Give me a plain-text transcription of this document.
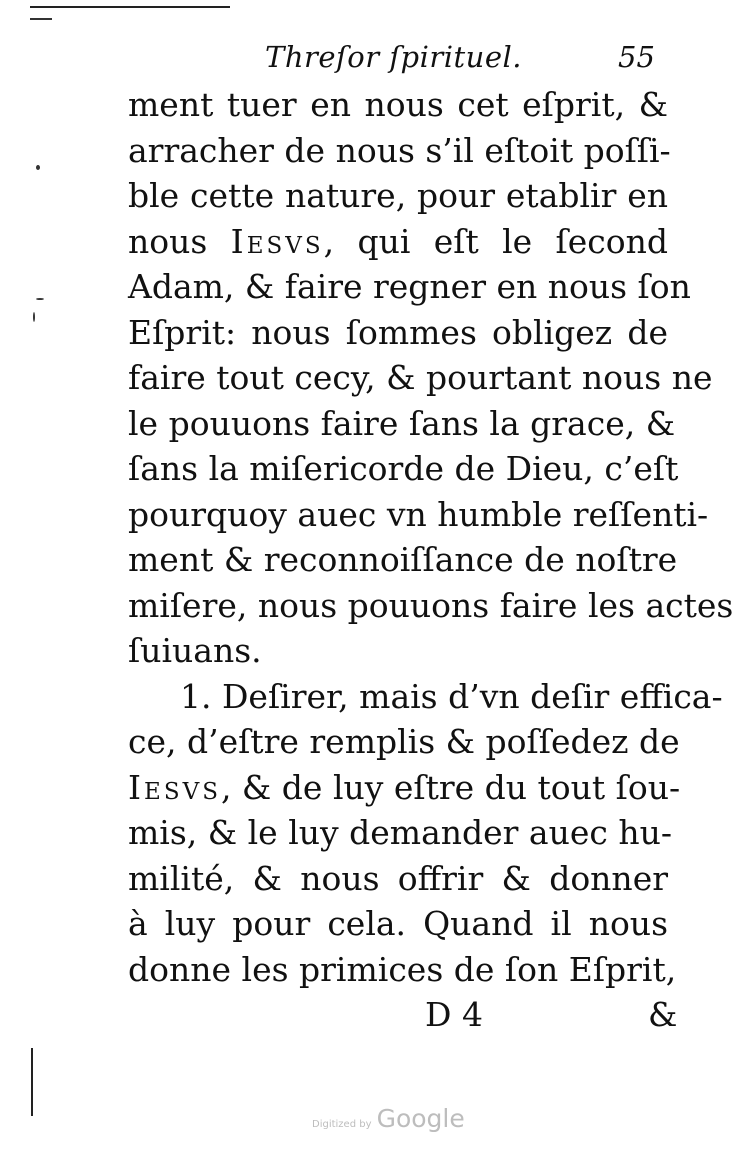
Threſor ſpirituel.	55
ment tuer en nous cet eſprit, &
arracher de nous s’il eſtoit poſſi-
ble cette nature, pour etablir en
nous Iesvs, qui eſt le ſecond
Adam, & faire regner en nous ſon
Eſprit: nous ſommes obligez de
faire tout cecy, & pourtant nous ne
le pouuons faire ſans la grace, &
ſans la miſericorde de Dieu, c’eſt
pourquoy auec vn humble reſſenti-
ment & reconnoiſſance de noſtre
miſere, nous pouuons faire les actes
ſuiuans.
1. Deſirer, mais d’vn deſir effica-
ce, d’eſtre remplis & poſſedez de
Iesvs, & de luy eſtre du tout ſou-
mis, & le luy demander auec hu-
milité, & nous offrir & donner
à luy pour cela. Quand il nous
donne les primices de ſon Eſprit,
D 4	&
Digitized by Google
